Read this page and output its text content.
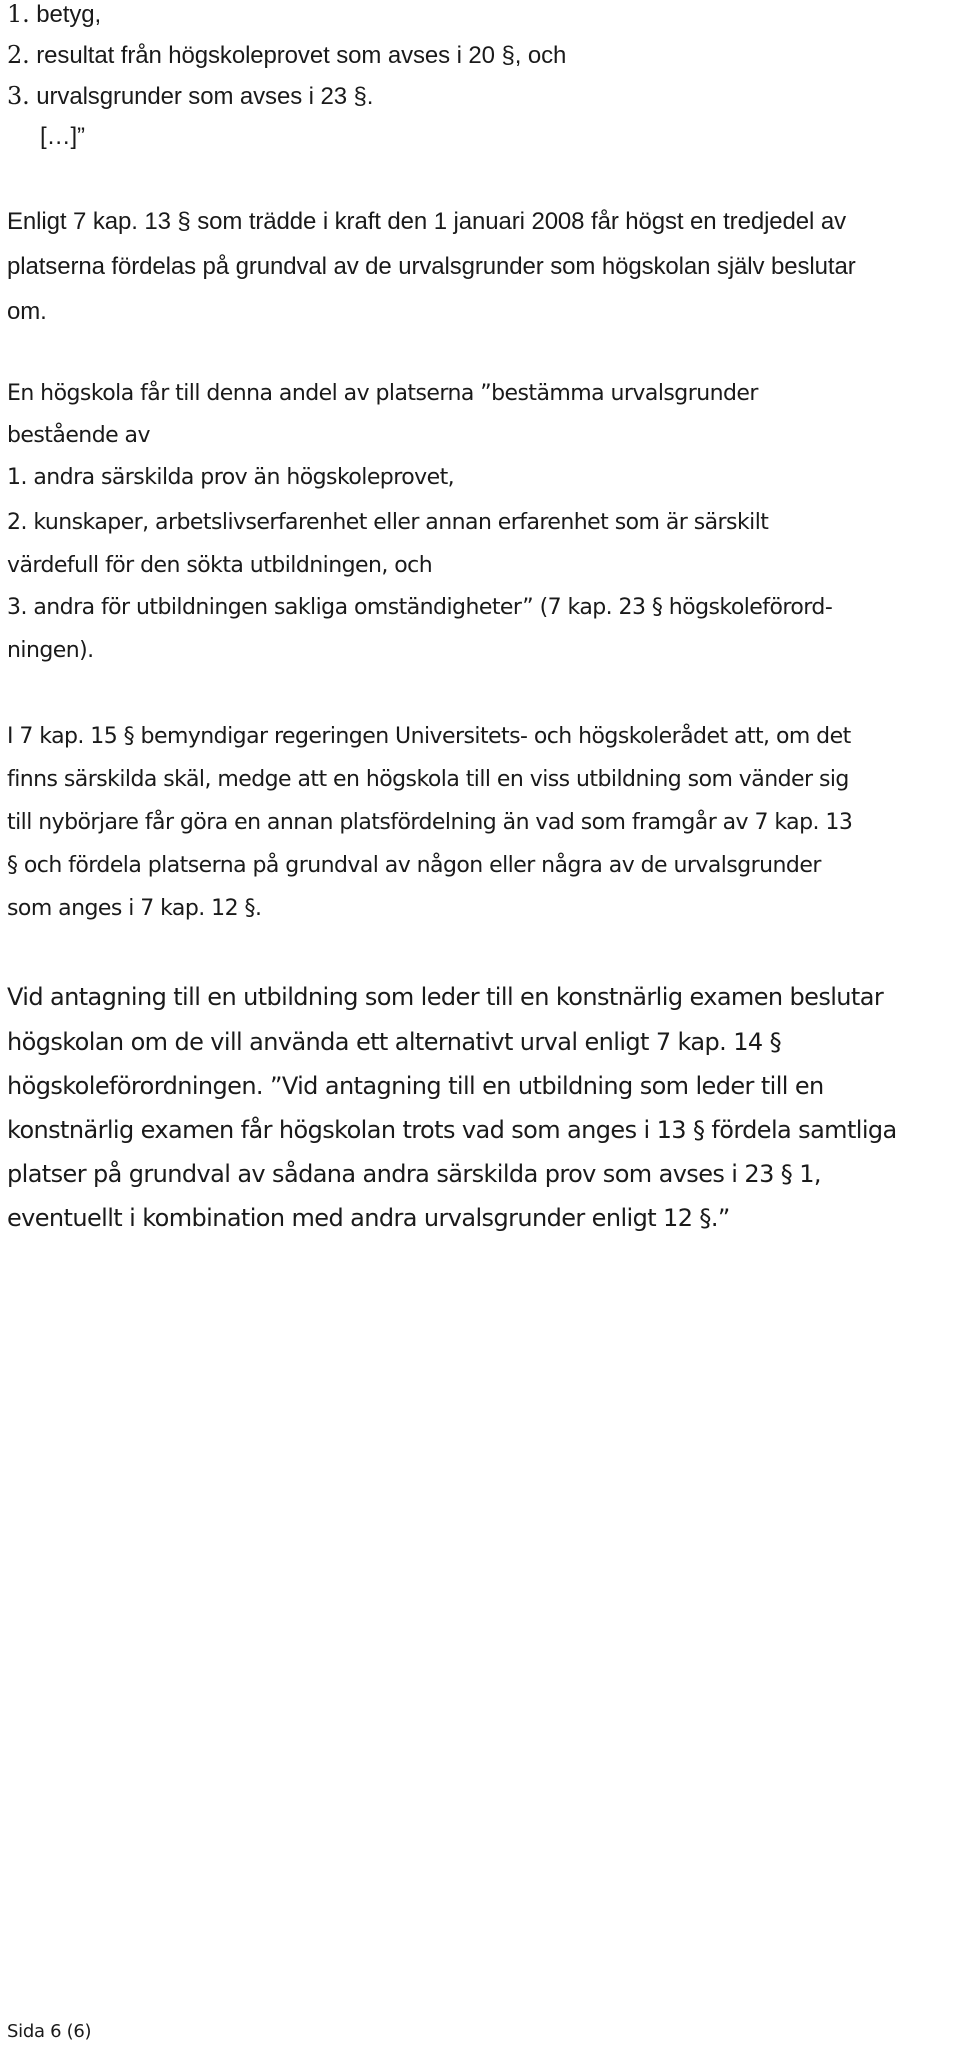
1. betyg,

2. resultat från högskoleprovet som avses i 20 §, och

3. urvalsgrunder som avses i 23 §.

[…]”

Enligt 7 kap. 13 § som trädde i kraft den 1 januari 2008 får högst en tredjedel av

platserna fördelas på grundval av de urvalsgrunder som högskolan själv beslutar

om.

En högskola får till denna andel av platserna ”bestämma urvalsgrunder

bestående av

1. andra särskilda prov än högskoleprovet,

2. kunskaper, arbetslivserfarenhet eller annan erfarenhet som är särskilt

värdefull för den sökta utbildningen, och

3. andra för utbildningen sakliga omständigheter” (7 kap. 23 § högskoleförord-

ningen).

I 7 kap. 15 § bemyndigar regeringen Universitets- och högskolerådet att, om det

finns särskilda skäl, medge att en högskola till en viss utbildning som vänder sig

till nybörjare får göra en annan platsfördelning än vad som framgår av 7 kap. 13

§ och fördela platserna på grundval av någon eller några av de urvalsgrunder

som anges i 7 kap. 12 §.

Vid antagning till en utbildning som leder till en konstnärlig examen beslutar

högskolan om de vill använda ett alternativt urval enligt 7 kap. 14 §

högskoleförordningen. ”Vid antagning till en utbildning som leder till en

konstnärlig examen får högskolan trots vad som anges i 13 § fördela samtliga

platser på grundval av sådana andra särskilda prov som avses i 23 § 1,

eventuellt i kombination med andra urvalsgrunder enligt 12 §.”

Sida 6 (6)
